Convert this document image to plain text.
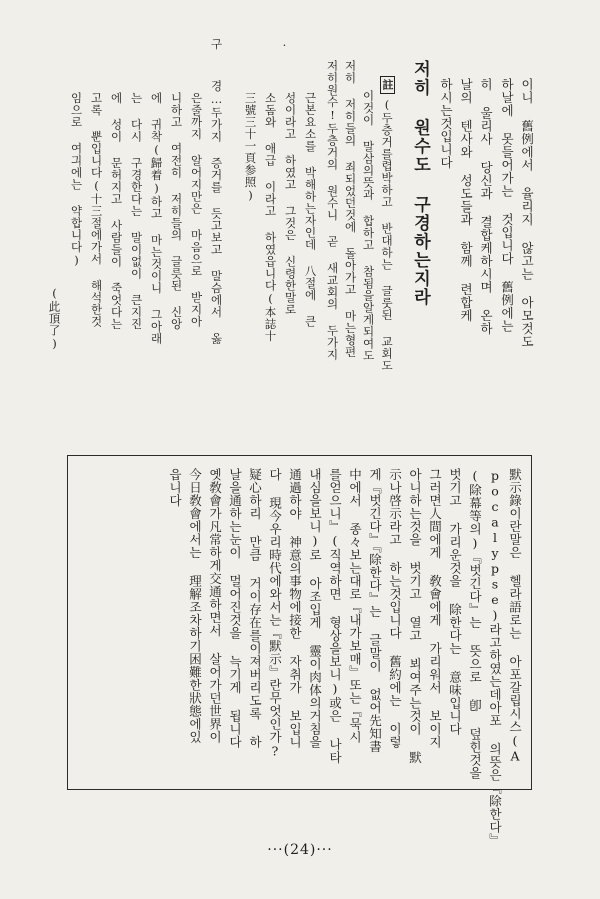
이니 舊例에서 율리지 않고는 아모것도
하날에 못들어가는 것입니다 舊例에는
히 울리사 당신과 결합케하시며 온하
날의 텐사와 성도들과 함께 련합케
하시는것입니다
저히 원수도 구경하는지라
註(두층거를렵박하고 반대하는 글룻된 교회도
이것이 말삼의뜻과 합하고 참됨을알게되여도
저히 저히들의 죄되었던것에 돌아가고 마는형편
저히원수!두층거의 원수니 곧 새교회의 두가지
근본요소를 박해하는자인데 八절에 큰
성이라고 하였고 그것은 신령한말로
소돔와 애급 이라고 하였읍니다(本誌十
三號三十一頁参照)
구	·
경…두가지 증거를 듯고보고 말슴에서 옳
은줄까지 알어지만은 마음으로 받지아
니하고 여전히 저히들의 글릇된 신앙
에 귀착(歸着)하고 마는것이니 그아래
는 다시 구경한다는 말이없이 큰지진
에 성이 문허지고 사람들이 죽엇다는
고록 뿐입니다(十三절에가서 해석한것
임으로 여긔에는 약합니다)
(此頂了)
默示錄이란말은 헬라語로는 아포갈립시스(A
pocalypse)라고하였는데아포 의뜻은『除한다』
(除幕等의)『벗긴다』는 뜻으로 卽 덮힌것을
벗기고 가리운것을 除한다는 意味입니다
그러면人間에게 敎會에게 가리워서 보이지
아니하는것을 벗기고 열고 뵈여주는것이 默
示나啓示라고 하는것입니다 舊約에는 이렇
게『벗긴다』『除한다』는 글말이 없어先知書
中에서 종々보는대로『내가보매』또는『묵시
를얻으니』(직역하면 형상을보니)或은 나타
내심을보니)로 아조입게 靈이肉体의거침을
通過하야 神意의事物에接한 자취가 보입니
다 現今우리時代에와서는『默示』란무엇인가?
疑心하리 만큼 거이存在를이져버리도록 하
날을通하는눈이 멀어진것을 늑기게 됩니다
옛敎會가凡常하게交通하면서 살어가던世界이
今日敎會에서는 理解조차하기困難한狀態에있
읍니다
···(24)···
